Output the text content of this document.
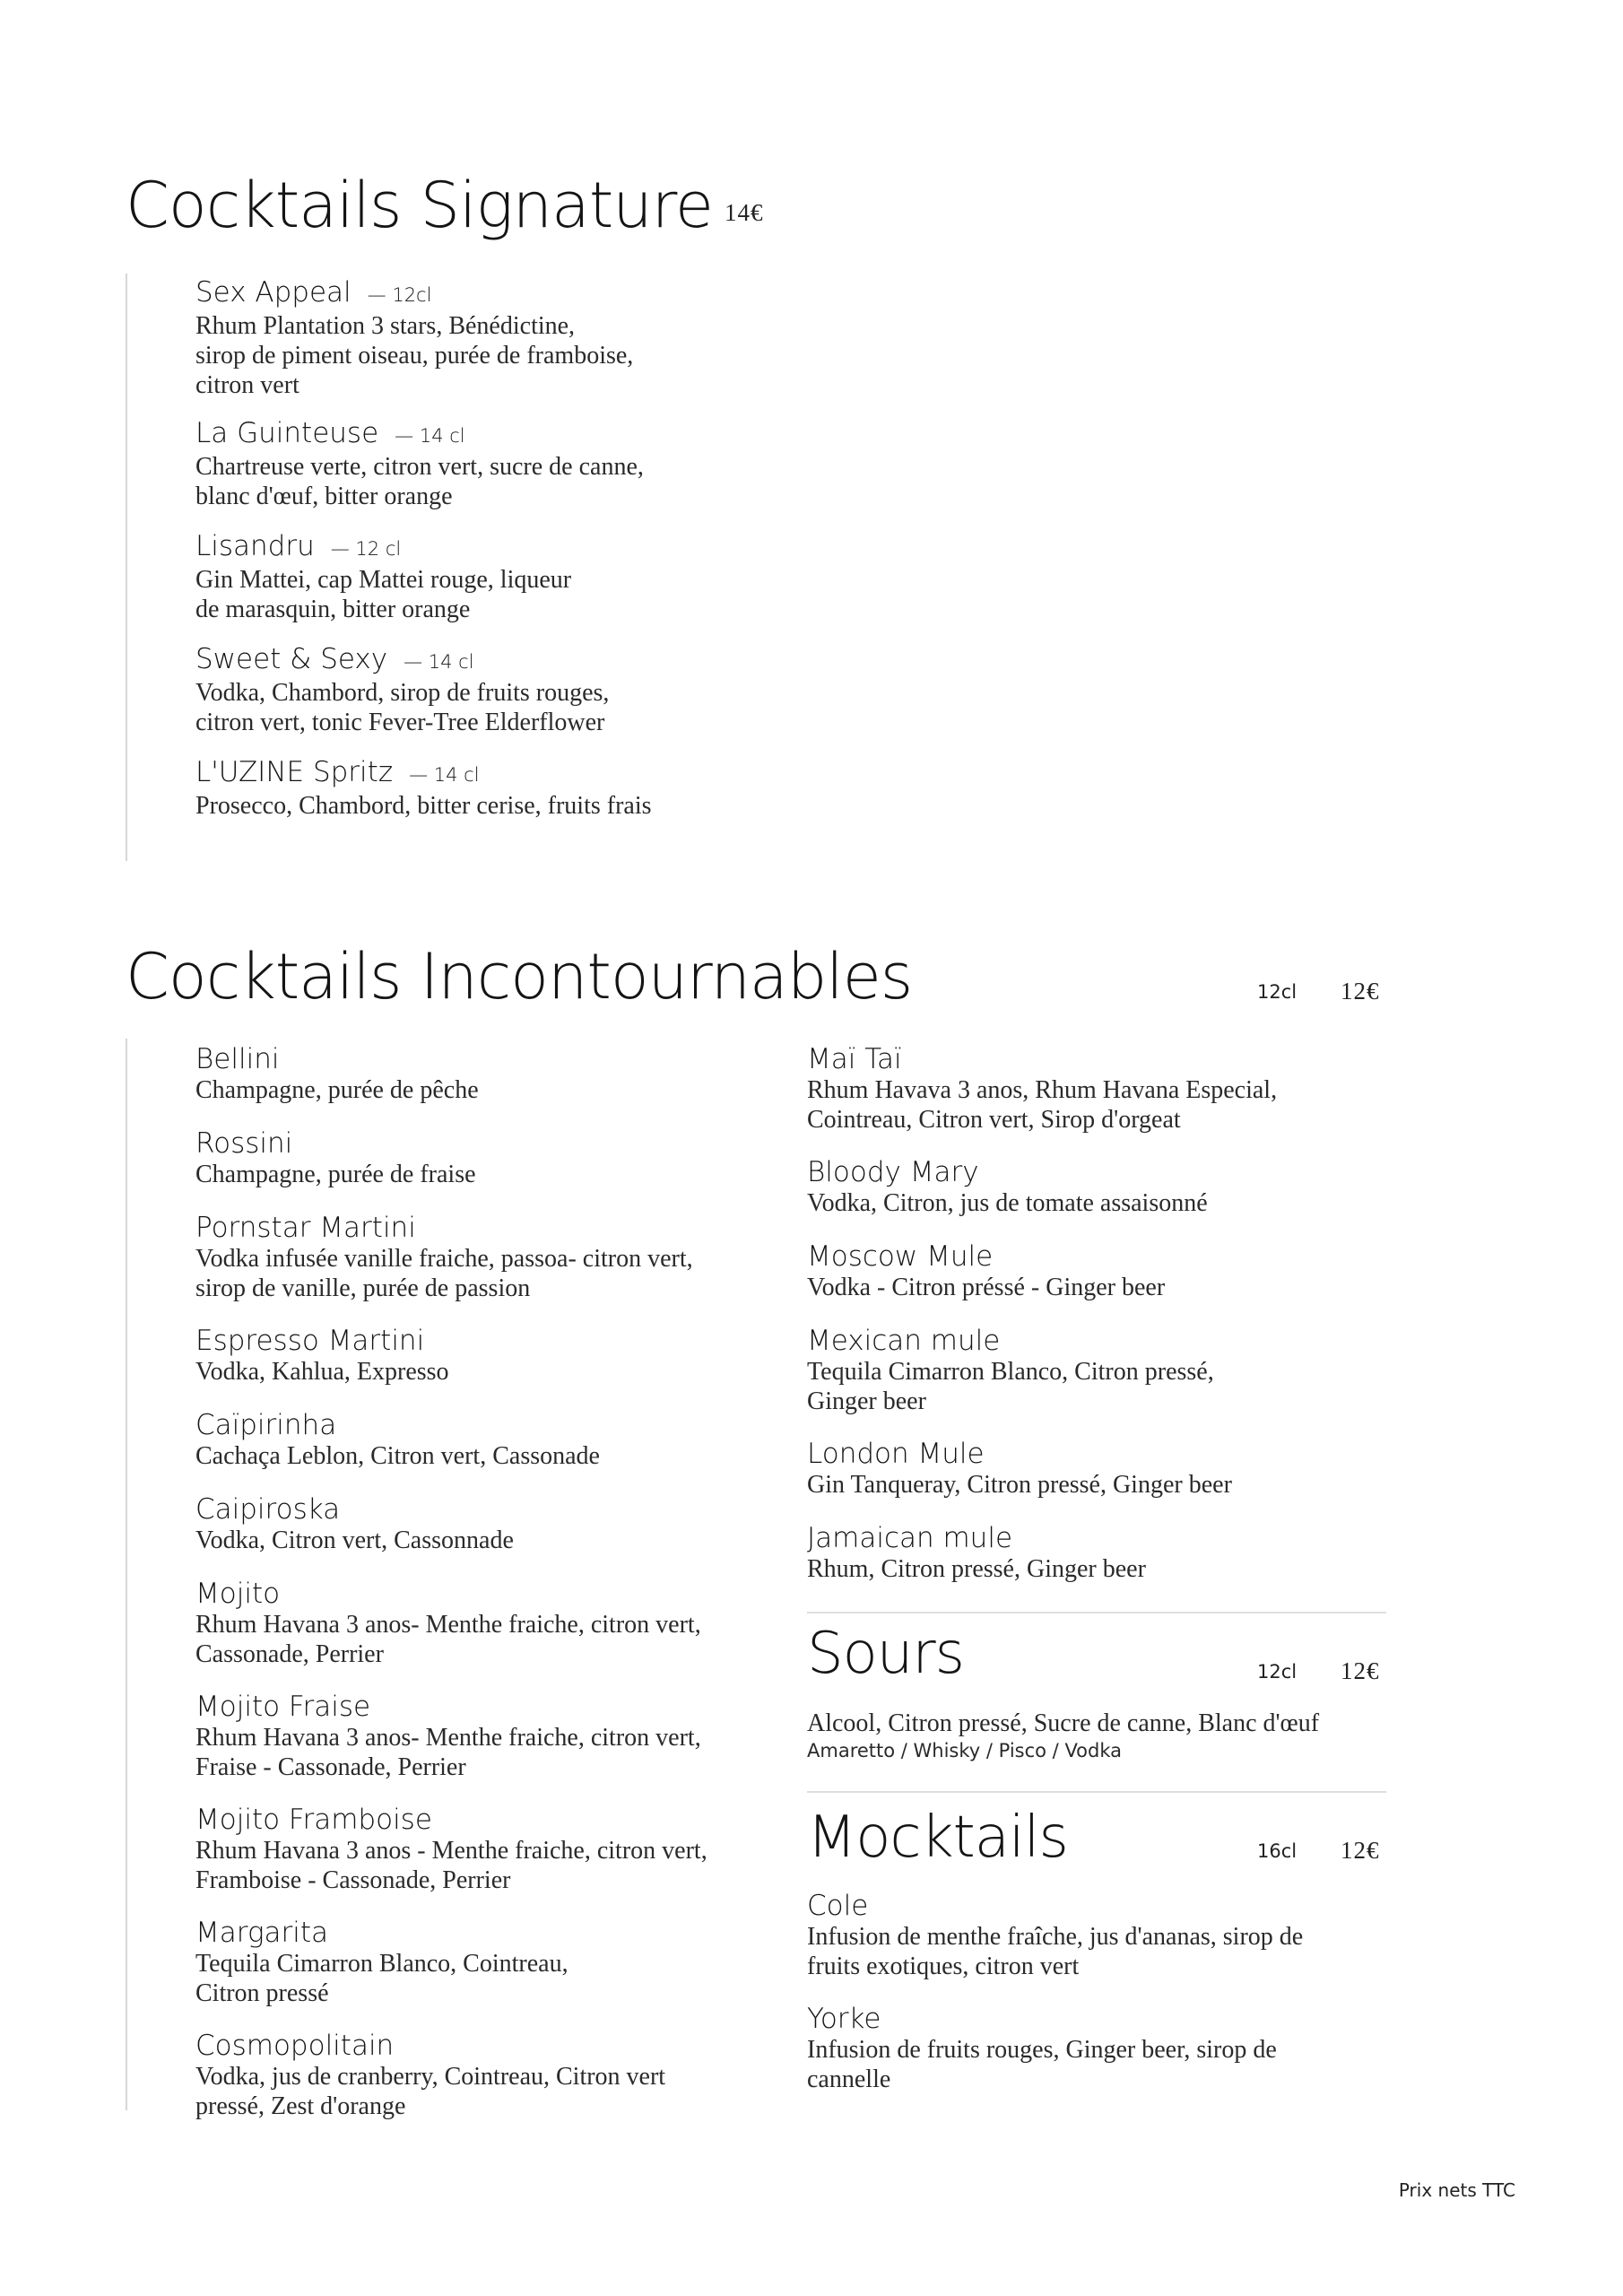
Cocktails Signature 14€
Sex Appeal — 12cl
Rhum Plantation 3 stars, Bénédictine,
sirop de piment oiseau, purée de framboise,
citron vert
La Guinteuse — 14 cl
Chartreuse verte, citron vert, sucre de canne,
blanc d'œuf, bitter orange
Lisandru — 12 cl
Gin Mattei, cap Mattei rouge, liqueur
de marasquin, bitter orange
Sweet & Sexy — 14 cl
Vodka, Chambord, sirop de fruits rouges,
citron vert, tonic Fever-Tree Elderflower
L'UZINE Spritz — 14 cl
Prosecco, Chambord, bitter cerise, fruits frais
Cocktails Incontournables	12cl 12€
Bellini
Champagne, purée de pêche
Rossini
Champagne, purée de fraise
Pornstar Martini
Vodka infusée vanille fraiche, passoa- citron vert,
sirop de vanille, purée de passion
Espresso Martini
Vodka, Kahlua, Expresso
Caïpirinha
Cachaça Leblon, Citron vert, Cassonade
Caipiroska
Vodka, Citron vert, Cassonnade
Mojito
Rhum Havana 3 anos- Menthe fraiche, citron vert,
Cassonade, Perrier
Mojito Fraise
Rhum Havana 3 anos- Menthe fraiche, citron vert,
Fraise - Cassonade, Perrier
Mojito Framboise
Rhum Havana 3 anos - Menthe fraiche, citron vert,
Framboise - Cassonade, Perrier
Margarita
Tequila Cimarron Blanco, Cointreau,
Citron pressé
Cosmopolitain
Vodka, jus de cranberry, Cointreau, Citron vert
pressé, Zest d'orange
Maï Taï
Rhum Havava 3 anos, Rhum Havana Especial,
Cointreau, Citron vert, Sirop d'orgeat
Bloody Mary
Vodka, Citron, jus de tomate assaisonné
Moscow Mule
Vodka - Citron préssé - Ginger beer
Mexican mule
Tequila Cimarron Blanco, Citron pressé,
Ginger beer
London Mule
Gin Tanqueray, Citron pressé, Ginger beer
Jamaican mule
Rhum, Citron pressé, Ginger beer
Sours	12cl 12€
Alcool, Citron pressé, Sucre de canne, Blanc d'œuf
Amaretto / Whisky / Pisco / Vodka
Mocktails	16cl 12€
Cole
Infusion de menthe fraîche, jus d'ananas, sirop de
fruits exotiques, citron vert
Yorke
Infusion de fruits rouges, Ginger beer, sirop de
cannelle
Prix nets TTC
